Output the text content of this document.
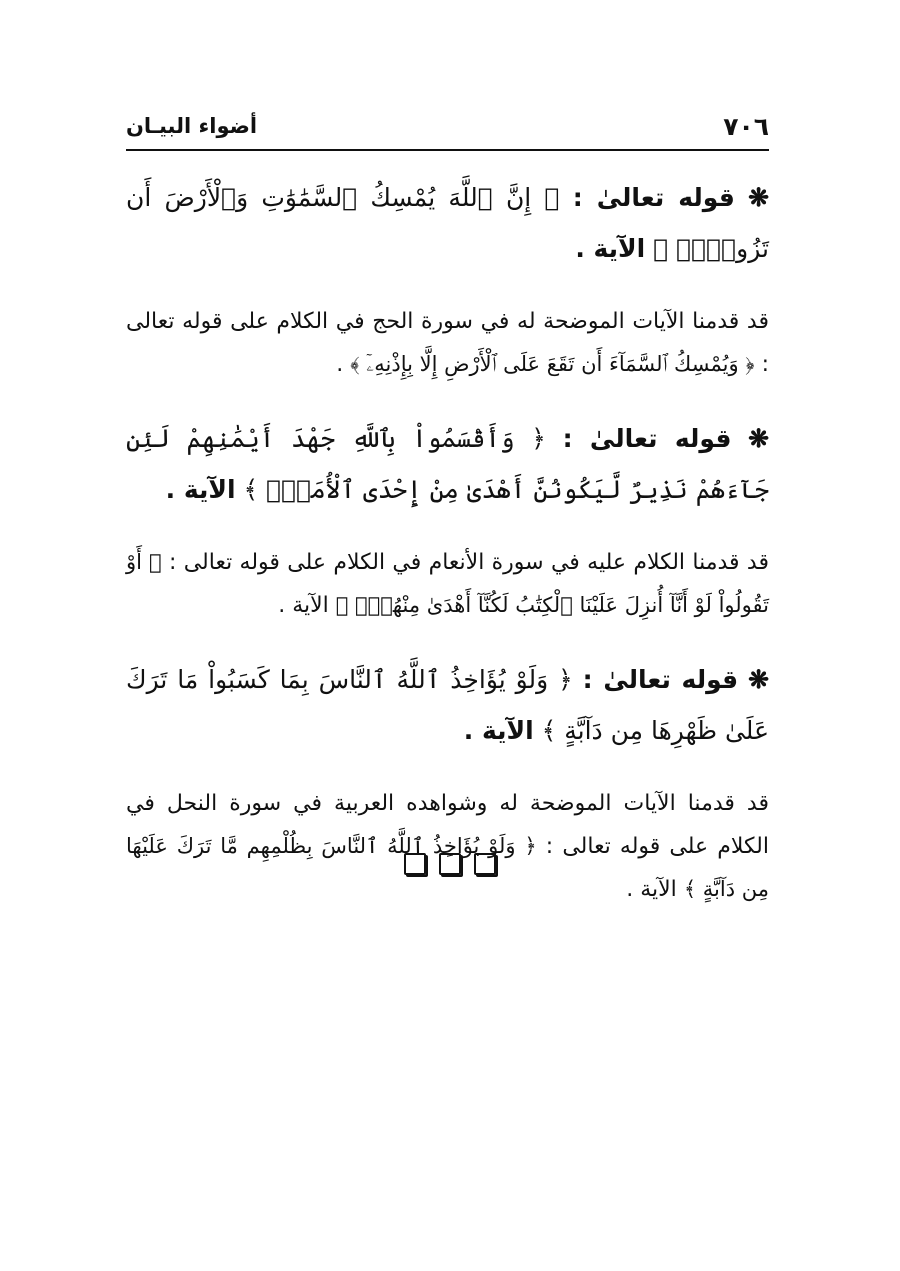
٧٠٦
أضواء البيـان

❋ قوله تعالىٰ : ﴿ إِنَّ ٱللَّهَ يُمْسِكُ ٱلسَّمَٰوَٰتِ وَٱلْأَرْضَ أَن تَزُولَاۚ ﴾ الآية .

قد قدمنا الآيات الموضحة له في سورة الحج في الكلام على قوله تعالى : ﴿ وَيُمْسِكُ ٱلسَّمَآءَ أَن تَقَعَ عَلَى ٱلْأَرْضِ إِلَّا بِإِذْنِهِۦٓ ﴾ .

❋ قوله تعالىٰ : ﴿ وَأَقْسَمُواْ بِٱللَّهِ جَهْدَ أَيْمَٰنِهِمْ لَئِن جَآءَهُمْ نَذِيرٌ لَّيَكُونُنَّ أَهْدَىٰ مِنْ إِحْدَى ٱلْأُمَمِۖ ﴾ الآية .

قد قدمنا الكلام عليه في سورة الأنعام في الكلام على قوله تعالى : ﴿ أَوْ تَقُولُواْ لَوْ أَنَّآ أُنزِلَ عَلَيْنَا ٱلْكِتَٰبُ لَكُنَّآ أَهْدَىٰ مِنْهُمْۚ ﴾ الآية .

❋ قوله تعالىٰ : ﴿ وَلَوْ يُؤَاخِذُ ٱللَّهُ ٱلنَّاسَ بِمَا كَسَبُواْ مَا تَرَكَ عَلَىٰ ظَهْرِهَا مِن دَآبَّةٍ ﴾ الآية .

قد قدمنا الآيات الموضحة له وشواهده العربية في سورة النحل في الكلام على قوله تعالى : ﴿ وَلَوْ يُؤَاخِذُ ٱللَّهُ ٱلنَّاسَ بِظُلْمِهِم مَّا تَرَكَ عَلَيْهَا مِن دَآبَّةٍ ﴾ الآية .
